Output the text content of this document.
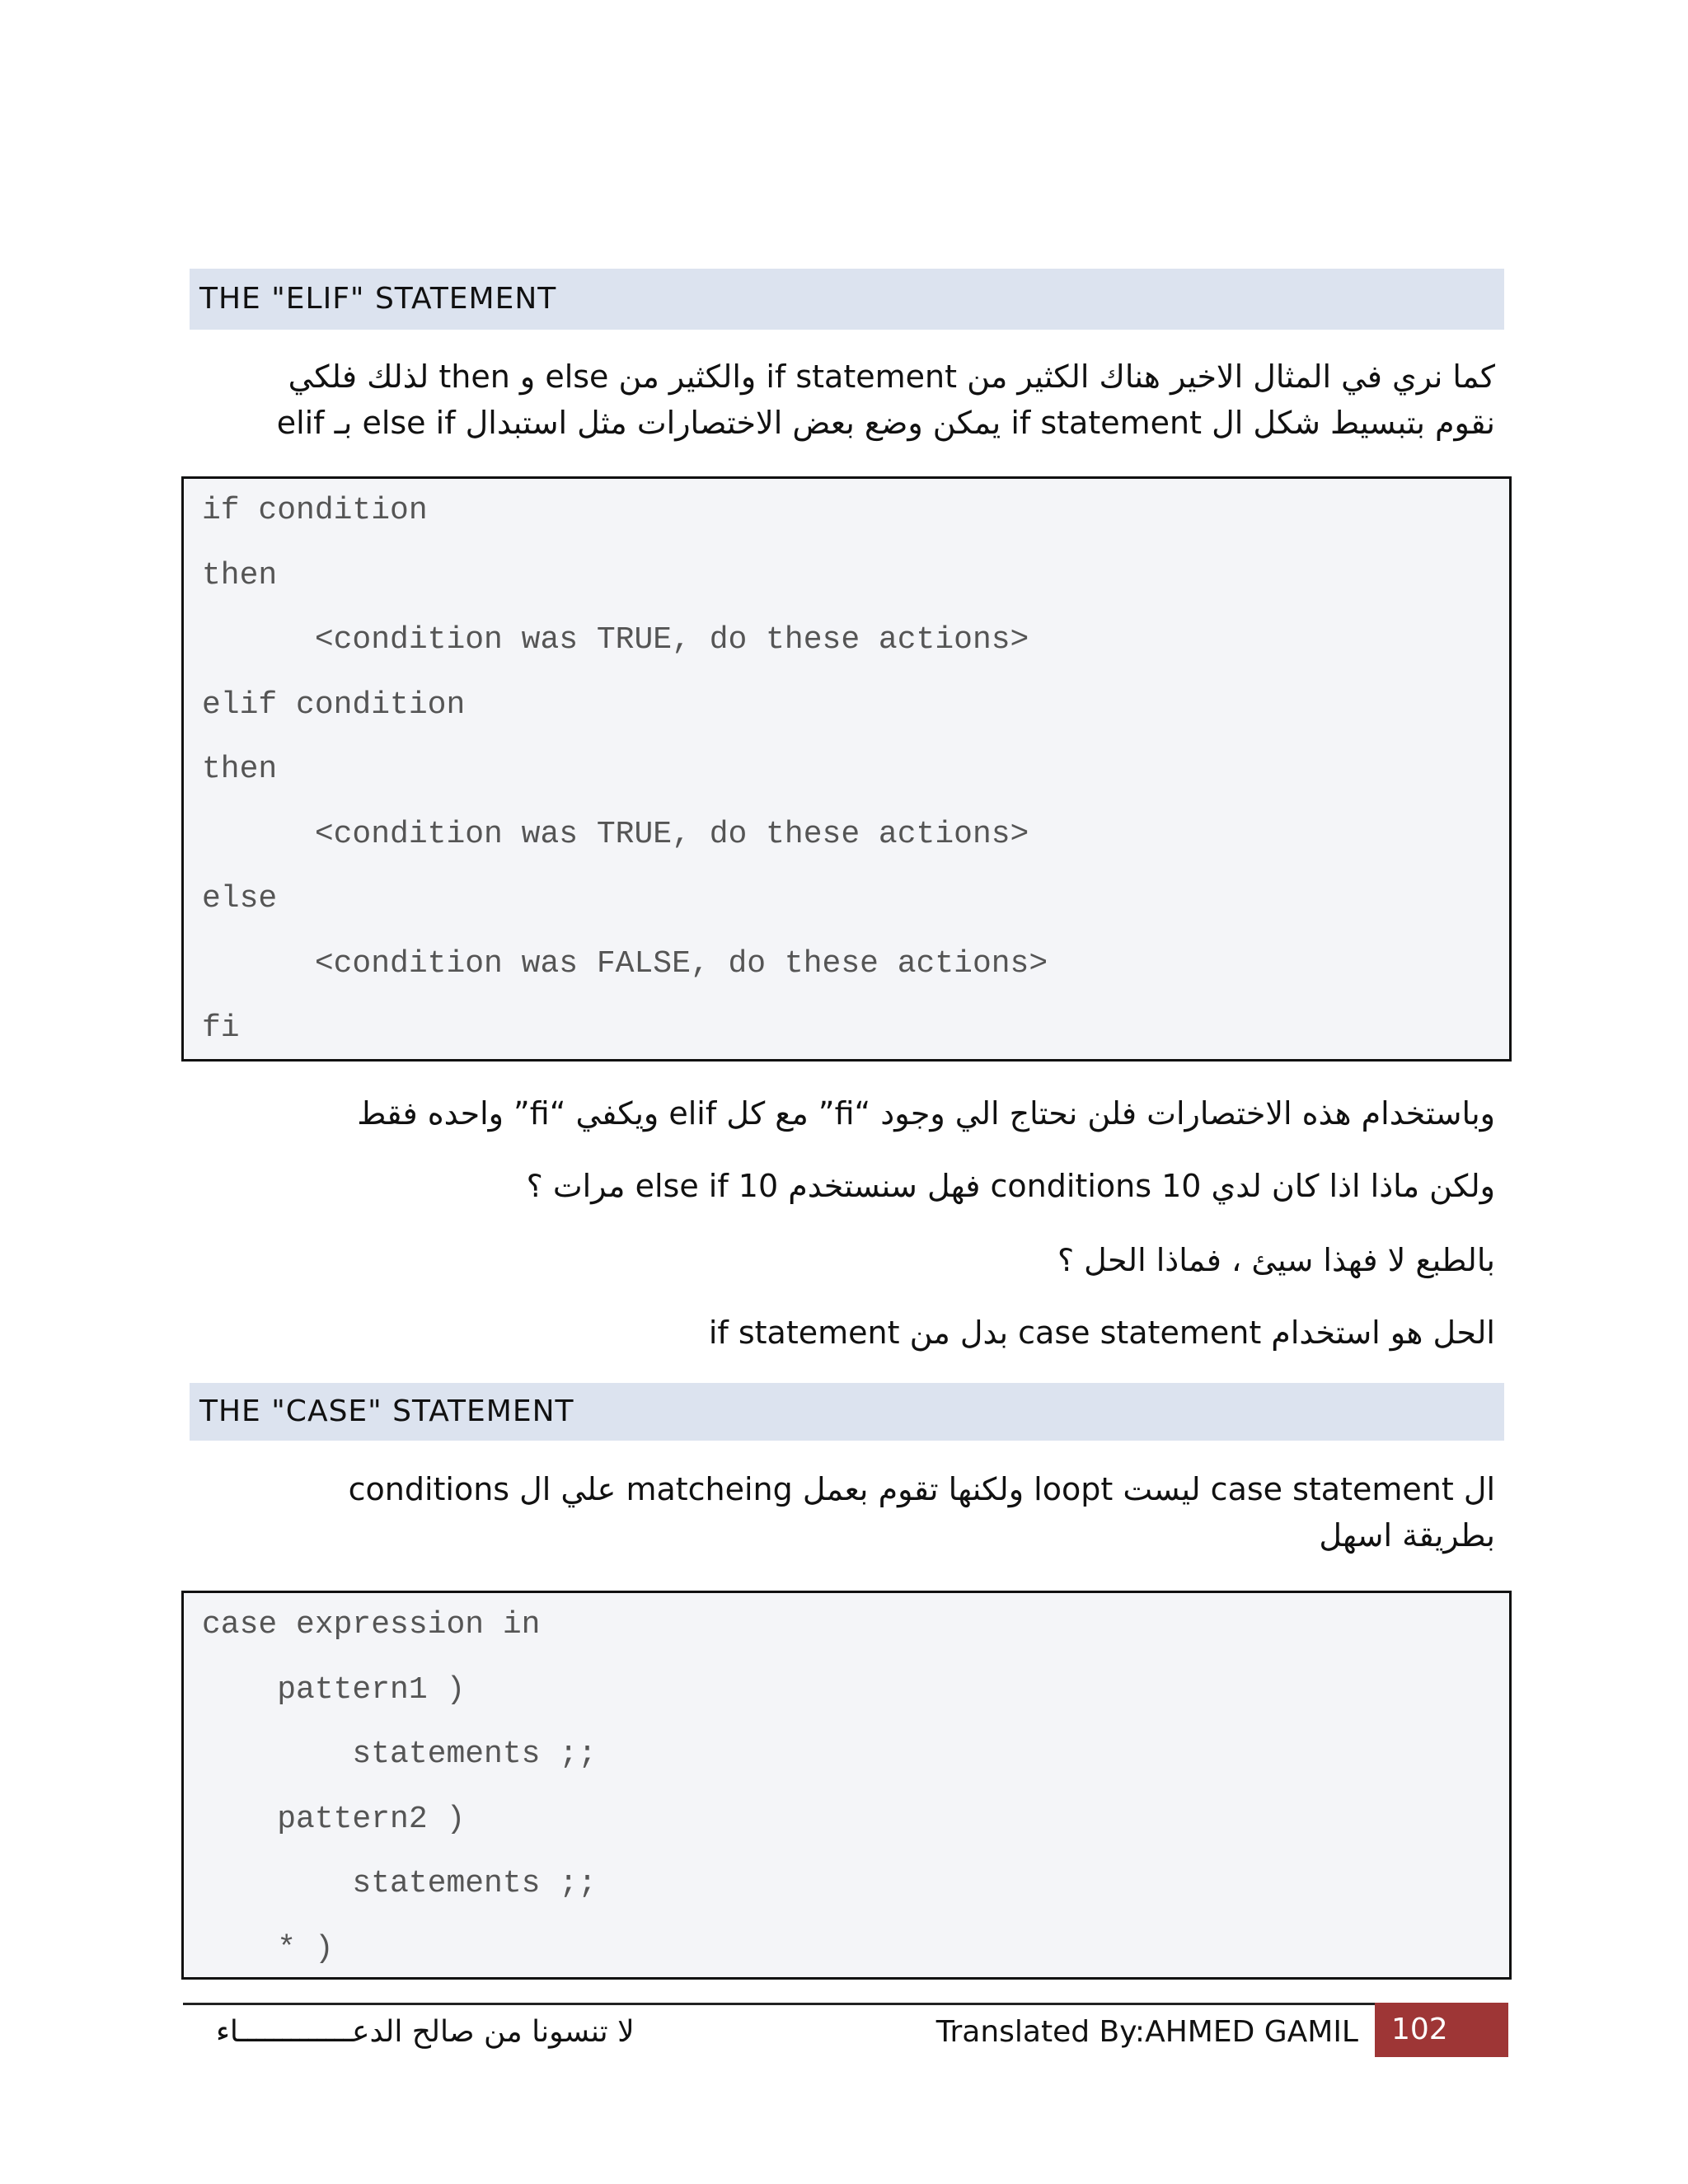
THE "ELIF" STATEMENT
كما نري في المثال الاخير هناك الكثير من if statement والكثير من else و then لذلك فلكي
نقوم بتبسيط شكل ال if statement يمكن وضع بعض الاختصارات مثل استبدال else if بـ elif
if condition
then
<condition was TRUE, do these actions>
elif condition
then
<condition was TRUE, do these actions>
else
<condition was FALSE, do these actions>
fi
وباستخدام هذه الاختصارات فلن نحتاج الي وجود “fi” مع كل elif ويكفي “fi” واحده فقط
ولكن ماذا اذا كان لدي 10 conditions فهل سنستخدم else if 10 مرات ؟
بالطبع لا فهذا سيئ ، فماذا الحل ؟
الحل هو استخدام case statement بدل من if statement
THE "CASE" STATEMENT
ال case statement ليست loopt ولكنها تقوم بعمل matcheing علي ال conditions
بطريقة اسهل
case expression in
pattern1 )
statements ;;
pattern2 )
statements ;;
* )
لا تنسونا من صالح الدعـــــــــــــاء	Translated By:AHMED GAMIL	102
